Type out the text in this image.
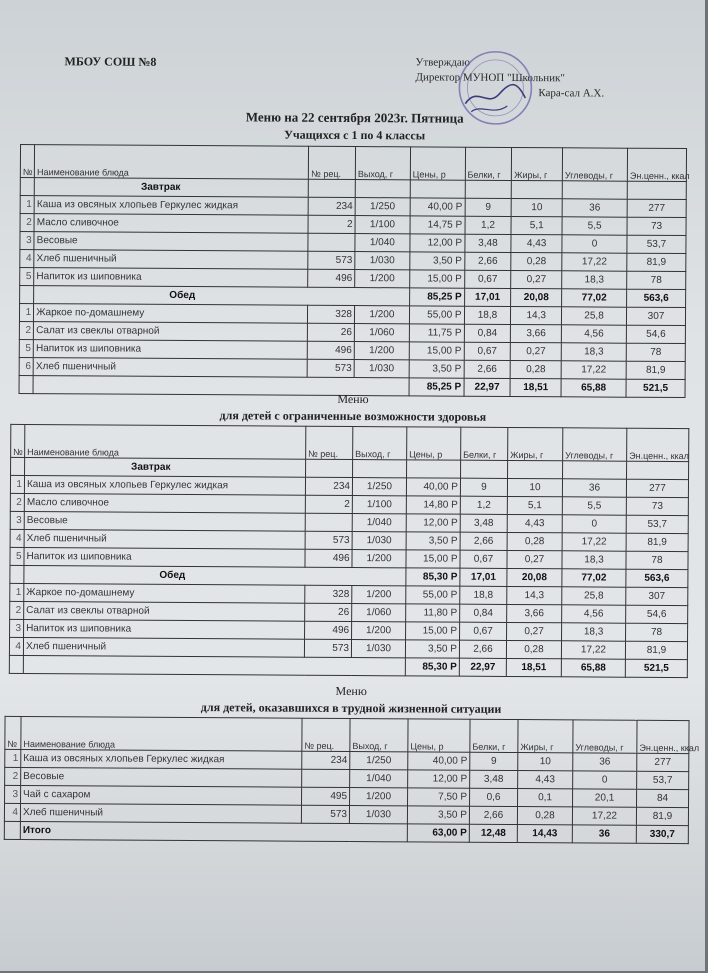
МБОУ СОШ №8	Утверждаю
Директор МУНОП "Школьник"
Кара-сал А.Х.
Меню на 22 сентября 2023г. Пятница
Учащихся с 1 по 4 классы
№	Наименование блюда	№ рец.	Выход, г	Цены, р	Белки, г	Жиры, г	Углеводы, г	Эн.ценн., ккал
	Завтрак							
1	Каша из овсяных хлопьев Геркулес жидкая	234	1/250	40,00 Р	9	10	36	277
2	Масло сливочное	2	1/100	14,75 Р	1,2	5,1	5,5	73
3	Весовые		1/040	12,00 Р	3,48	4,43	0	53,7
4	Хлеб пшеничный	573	1/030	3,50 Р	2,66	0,28	17,22	81,9
5	Напиток из шиповника	496	1/200	15,00 Р	0,67	0,27	18,3	78
	Обед			85,25 Р	17,01	20,08	77,02	563,6
1	Жаркое по-домашнему	328	1/200	55,00 Р	18,8	14,3	25,8	307
2	Салат из свеклы отварной	26	1/060	11,75 Р	0,84	3,66	4,56	54,6
5	Напиток из шиповника	496	1/200	15,00 Р	0,67	0,27	18,3	78
6	Хлеб пшеничный	573	1/030	3,50 Р	2,66	0,28	17,22	81,9
				85,25 Р	22,97	18,51	65,88	521,5
Меню
для детей с ограниченные возможности здоровья
№	Наименование блюда	№ рец.	Выход, г	Цены, р	Белки, г	Жиры, г	Углеводы, г	Эн.ценн., ккал
	Завтрак							
1	Каша из овсяных хлопьев Геркулес жидкая	234	1/250	40,00 Р	9	10	36	277
2	Масло сливочное	2	1/100	14,80 Р	1,2	5,1	5,5	73
3	Весовые		1/040	12,00 Р	3,48	4,43	0	53,7
4	Хлеб пшеничный	573	1/030	3,50 Р	2,66	0,28	17,22	81,9
5	Напиток из шиповника	496	1/200	15,00 Р	0,67	0,27	18,3	78
	Обед			85,30 Р	17,01	20,08	77,02	563,6
1	Жаркое по-домашнему	328	1/200	55,00 Р	18,8	14,3	25,8	307
2	Салат из свеклы отварной	26	1/060	11,80 Р	0,84	3,66	4,56	54,6
3	Напиток из шиповника	496	1/200	15,00 Р	0,67	0,27	18,3	78
4	Хлеб пшеничный	573	1/030	3,50 Р	2,66	0,28	17,22	81,9
				85,30 Р	22,97	18,51	65,88	521,5
Меню
для детей, оказавшихся в трудной жизненной ситуации
№	Наименование блюда	№ рец.	Выход, г	Цены, р	Белки, г	Жиры, г	Углеводы, г	Эн.ценн., ккал
1	Каша из овсяных хлопьев Геркулес жидкая	234	1/250	40,00 Р	9	10	36	277
2	Весовые		1/040	12,00 Р	3,48	4,43	0	53,7
3	Чай с сахаром	495	1/200	7,50 Р	0,6	0,1	20,1	84
4	Хлеб пшеничный	573	1/030	3,50 Р	2,66	0,28	17,22	81,9
	Итого			63,00 Р	12,48	14,43	36	330,7
